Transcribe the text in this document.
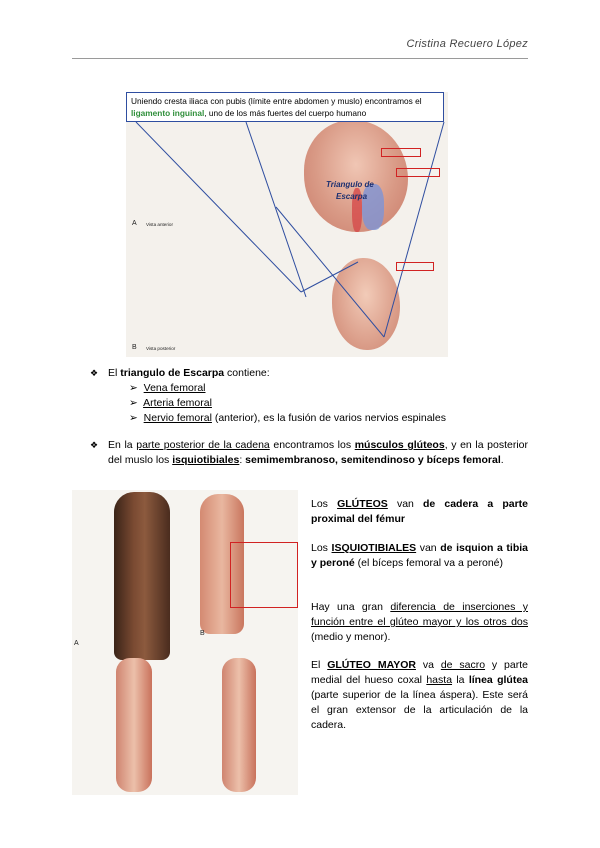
Cristina Recuero López
Uniendo cresta iliaca con pubis (límite entre abdomen y muslo) encontramos el ligamento inguinal, uno de los más fuertes del cuerpo humano
Triangulo de
Escarpa
A Vista anterior
B Vista posterior
❖ El triangulo de Escarpa contiene:
➢  Vena femoral
➢  Arteria femoral
➢  Nervio femoral (anterior), es la fusión de varios nervios espinales
❖ En la parte posterior de la cadena encontramos los músculos glúteos, y en la posterior del muslo los isquiotibiales: semimembranoso, semitendinoso y bíceps femoral.
A
B

Los GLÚTEOS van de cadera a parte proximal del fémur

Los ISQUIOTIBIALES van de isquion a tibia y peroné (el bíceps femoral va a peroné)

Hay una gran diferencia de inserciones y función entre el glúteo mayor y los otros dos (medio y menor).

El GLÚTEO MAYOR va de sacro y parte medial del hueso coxal hasta la línea glútea (parte superior de la línea áspera). Este será el gran extensor de la articulación de la cadera.
